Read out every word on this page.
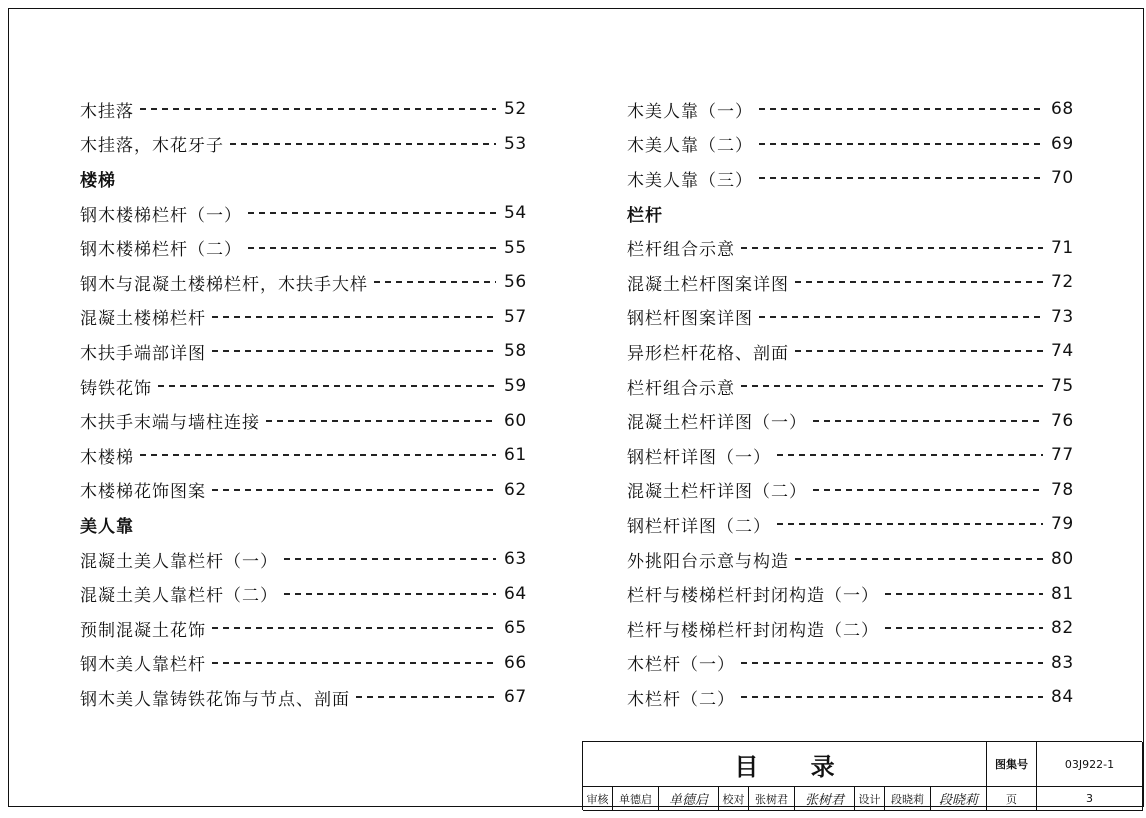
木挂落	52
木挂落，木花牙子	53
楼梯
钢木楼梯栏杆（一）	54
钢木楼梯栏杆（二）	55
钢木与混凝土楼梯栏杆，木扶手大样	56
混凝土楼梯栏杆	57
木扶手端部详图	58
铸铁花饰	59
木扶手末端与墙柱连接	60
木楼梯	61
木楼梯花饰图案	62
美人靠
混凝土美人靠栏杆（一）	63
混凝土美人靠栏杆（二）	64
预制混凝土花饰	65
钢木美人靠栏杆	66
钢木美人靠铸铁花饰与节点、剖面	67
木美人靠（一）	68
木美人靠（二）	69
木美人靠（三）	70
栏杆
栏杆组合示意	71
混凝土栏杆图案详图	72
钢栏杆图案详图	73
异形栏杆花格、剖面	74
栏杆组合示意	75
混凝土栏杆详图（一）	76
钢栏杆详图（一）	77
混凝土栏杆详图（二）	78
钢栏杆详图（二）	79
外挑阳台示意与构造	80
栏杆与楼梯栏杆封闭构造（一）	81
栏杆与楼梯栏杆封闭构造（二）	82
木栏杆（一）	83
木栏杆（二）	84
目 录	图集号	03J922-1
审核 单德启	单德启	校对 张树君	张树君	设计 段晓莉	段晓莉	页	3
